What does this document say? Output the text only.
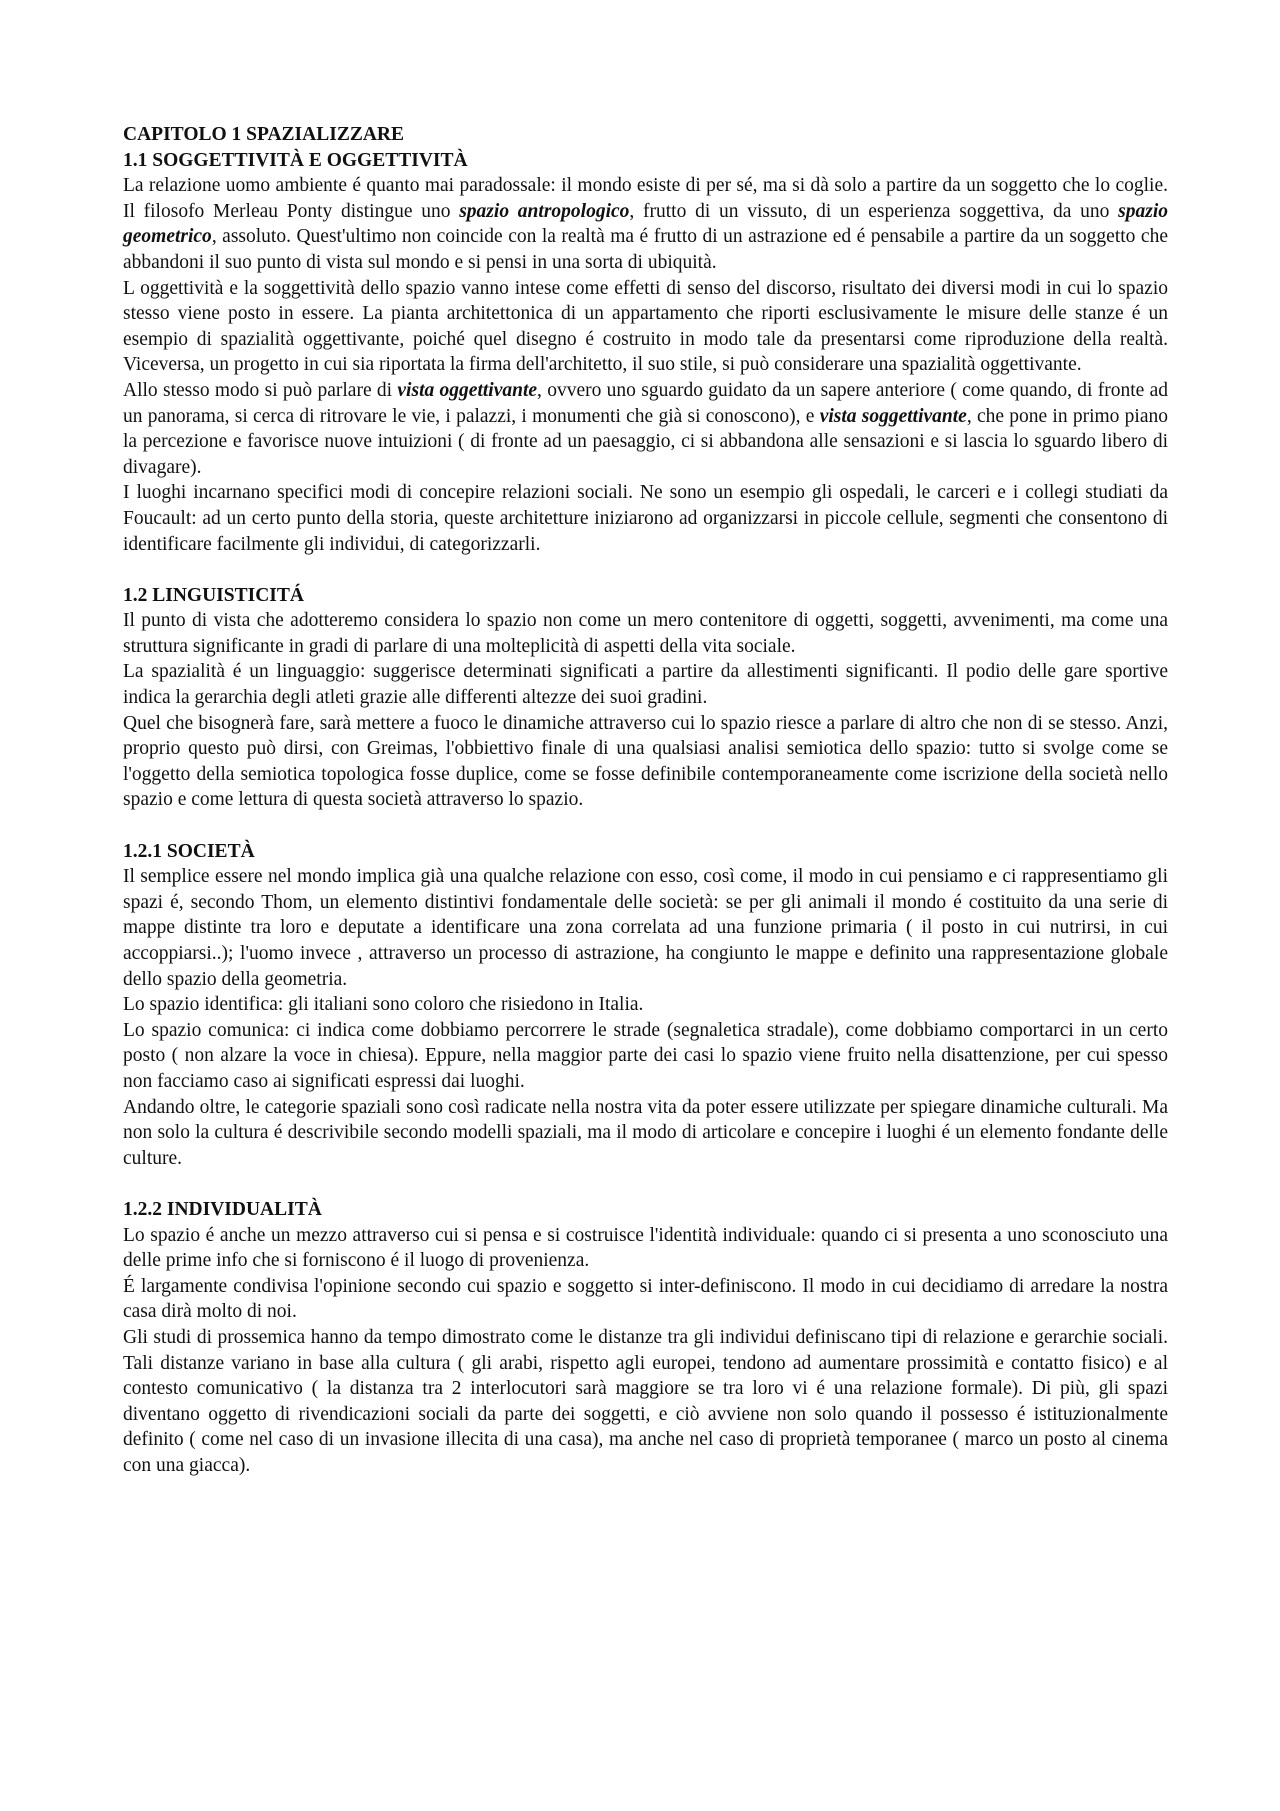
CAPITOLO 1 SPAZIALIZZARE
1.1 SOGGETTIVITÀ E OGGETTIVITÀ

La relazione uomo ambiente é quanto mai paradossale: il mondo esiste di per sé, ma si dà solo a partire da un soggetto che lo coglie. Il filosofo Merleau Ponty distingue uno spazio antropologico, frutto di un vissuto, di un esperienza soggettiva, da uno spazio geometrico, assoluto. Quest'ultimo non coincide con la realtà ma é frutto di un astrazione ed é pensabile a partire da un soggetto che abbandoni il suo punto di vista sul mondo e si pensi in una sorta di ubiquità.

L oggettività e la soggettività dello spazio vanno intese come effetti di senso del discorso, risultato dei diversi modi in cui lo spazio stesso viene posto in essere. La pianta architettonica di un appartamento che riporti esclusivamente le misure delle stanze é un esempio di spazialità oggettivante, poiché quel disegno é costruito in modo tale da presentarsi come riproduzione della realtà. Viceversa, un progetto in cui sia riportata la firma dell'architetto, il suo stile, si può considerare una spazialità oggettivante.

Allo stesso modo si può parlare di vista oggettivante, ovvero uno sguardo guidato da un sapere anteriore ( come quando, di fronte ad un panorama, si cerca di ritrovare le vie, i palazzi, i monumenti che già si conoscono), e vista soggettivante, che pone in primo piano la percezione e favorisce nuove intuizioni ( di fronte ad un paesaggio, ci si abbandona alle sensazioni e si lascia lo sguardo libero di divagare).

I luoghi incarnano specifici modi di concepire relazioni sociali. Ne sono un esempio gli ospedali, le carceri e i collegi studiati da Foucault: ad un certo punto della storia, queste architetture iniziarono ad organizzarsi in piccole cellule, segmenti che consentono di identificare facilmente gli individui, di categorizzarli.

1.2 LINGUISTICITÁ

Il punto di vista che adotteremo considera lo spazio non come un mero contenitore di oggetti, soggetti, avvenimenti, ma come una struttura significante in gradi di parlare di una molteplicità di aspetti della vita sociale.

La spazialità é un linguaggio: suggerisce determinati significati a partire da allestimenti significanti. Il podio delle gare sportive indica la gerarchia degli atleti grazie alle differenti altezze dei suoi gradini.

Quel che bisognerà fare, sarà mettere a fuoco le dinamiche attraverso cui lo spazio riesce a parlare di altro che non di se stesso. Anzi, proprio questo può dirsi, con Greimas, l'obbiettivo finale di una qualsiasi analisi semiotica dello spazio: tutto si svolge come se l'oggetto della semiotica topologica fosse duplice, come se fosse definibile contemporaneamente come iscrizione della società nello spazio e come lettura di questa società attraverso lo spazio.

1.2.1 SOCIETÀ

Il semplice essere nel mondo implica già una qualche relazione con esso, così come, il modo in cui pensiamo e ci rappresentiamo gli spazi é, secondo Thom, un elemento distintivi fondamentale delle società: se per gli animali il mondo é costituito da una serie di mappe distinte tra loro e deputate a identificare una zona correlata ad una funzione primaria ( il posto in cui nutrirsi, in cui accoppiarsi..); l'uomo invece , attraverso un processo di astrazione, ha congiunto le mappe e definito una rappresentazione globale dello spazio della geometria.

Lo spazio identifica: gli italiani sono coloro che risiedono in Italia.

Lo spazio comunica: ci indica come dobbiamo percorrere le strade (segnaletica stradale), come dobbiamo comportarci in un certo posto ( non alzare la voce in chiesa). Eppure, nella maggior parte dei casi lo spazio viene fruito nella disattenzione, per cui spesso non facciamo caso ai significati espressi dai luoghi.

Andando oltre, le categorie spaziali sono così radicate nella nostra vita da poter essere utilizzate per spiegare dinamiche culturali. Ma non solo la cultura é descrivibile secondo modelli spaziali, ma il modo di articolare e concepire i luoghi é un elemento fondante delle culture.

1.2.2 INDIVIDUALITÀ

Lo spazio é anche un mezzo attraverso cui si pensa e si costruisce l'identità individuale: quando ci si presenta a uno sconosciuto una delle prime info che si forniscono é il luogo di provenienza.

É largamente condivisa l'opinione secondo cui spazio e soggetto si inter-definiscono. Il modo in cui decidiamo di arredare la nostra casa dirà molto di noi.

Gli studi di prossemica hanno da tempo dimostrato come le distanze tra gli individui definiscano tipi di relazione e gerarchie sociali. Tali distanze variano in base alla cultura ( gli arabi, rispetto agli europei, tendono ad aumentare prossimità e contatto fisico) e al contesto comunicativo ( la distanza tra 2 interlocutori sarà maggiore se tra loro vi é una relazione formale). Di più, gli spazi diventano oggetto di rivendicazioni sociali da parte dei soggetti, e ciò avviene non solo quando il possesso é istituzionalmente definito ( come nel caso di un invasione illecita di una casa), ma anche nel caso di proprietà temporanee ( marco un posto al cinema con una giacca).
